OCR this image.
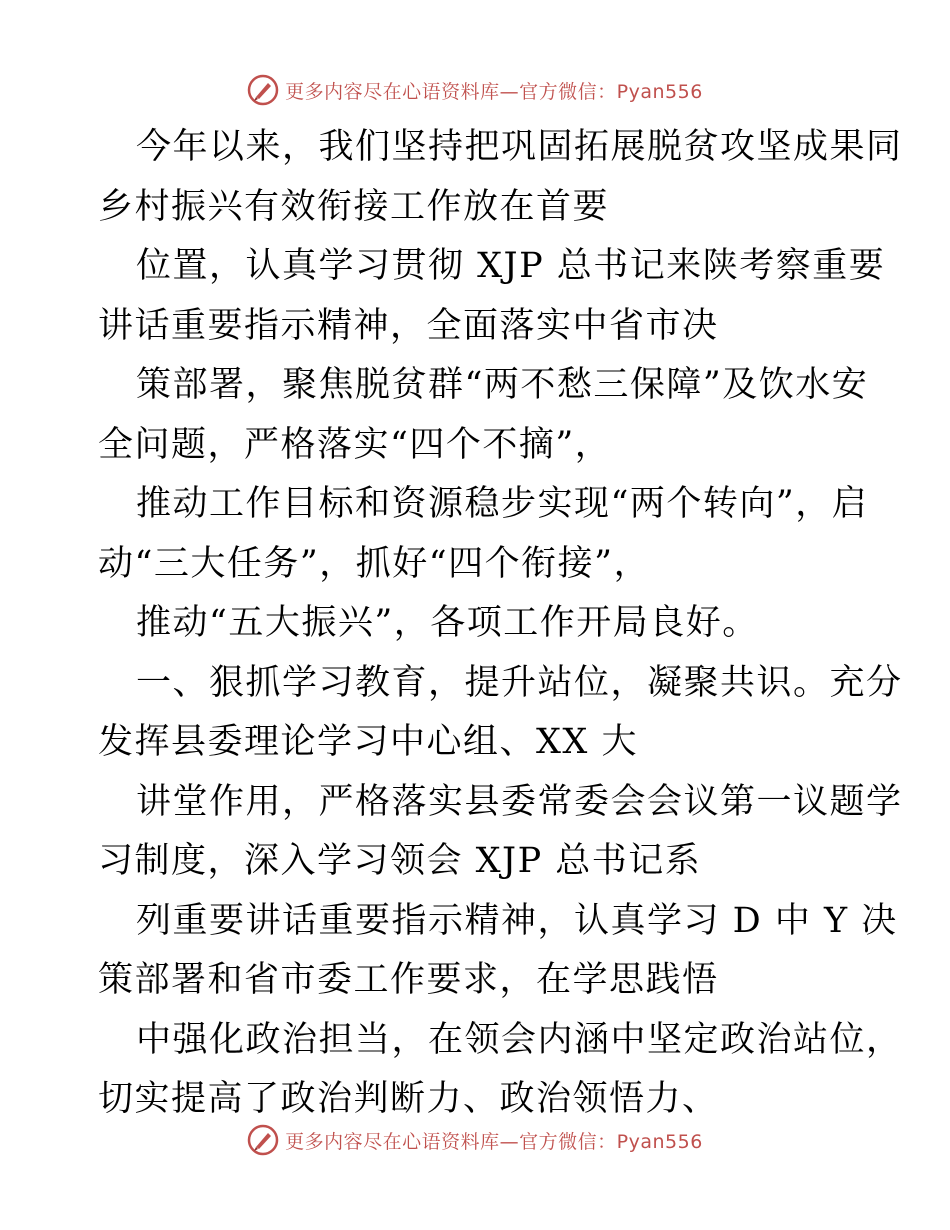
更多内容尽在心语资料库—官方微信：Pyan556
今年以来，我们坚持把巩固拓展脱贫攻坚成果同
乡村振兴有效衔接工作放在首要
位置，认真学习贯彻 XJP 总书记来陕考察重要
讲话重要指示精神，全面落实中省市决
策部署，聚焦脱贫群“两不愁三保障”及饮水安
全问题，严格落实“四个不摘”，
推动工作目标和资源稳步实现“两个转向”，启
动“三大任务”，抓好“四个衔接”，
推动“五大振兴”，各项工作开局良好。
一、狠抓学习教育，提升站位，凝聚共识。充分
发挥县委理论学习中心组、XX 大
讲堂作用，严格落实县委常委会会议第一议题学
习制度，深入学习领会 XJP 总书记系
列重要讲话重要指示精神，认真学习 D 中 Y 决
策部署和省市委工作要求，在学思践悟
中强化政治担当，在领会内涵中坚定政治站位，
切实提高了政治判断力、政治领悟力、
更多内容尽在心语资料库—官方微信：Pyan556
